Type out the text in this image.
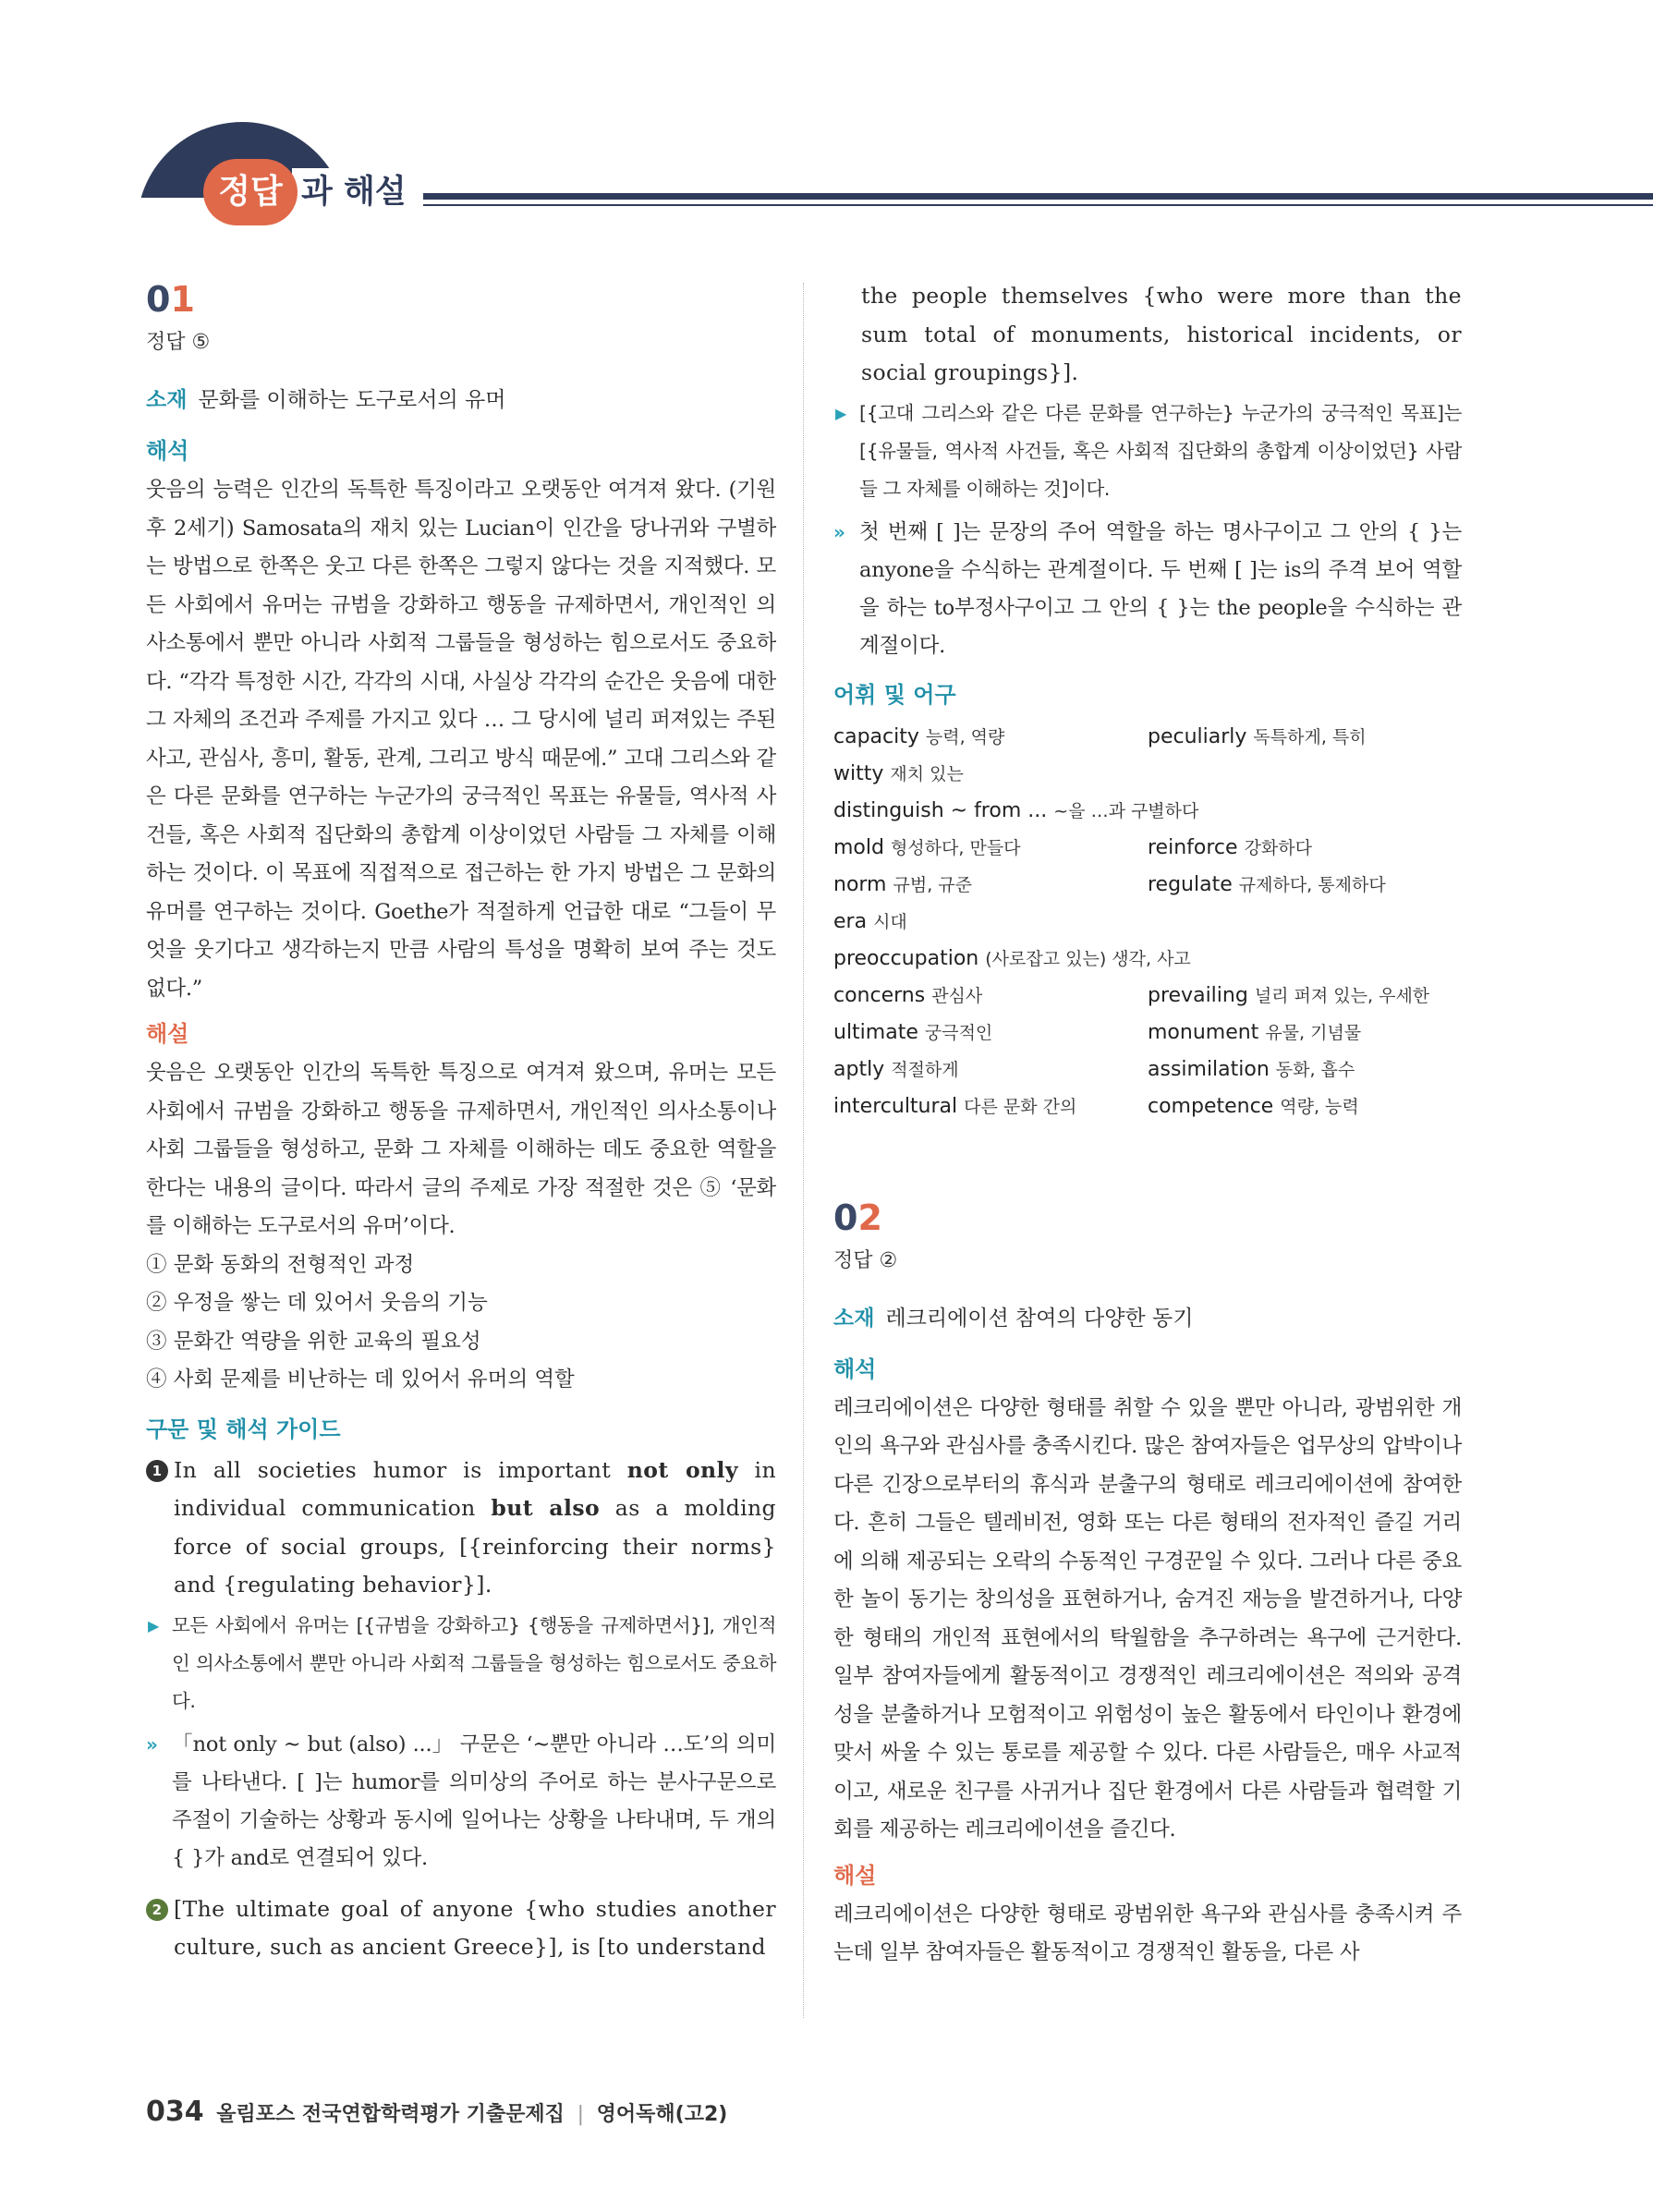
정답 과 해설

01

정답 ⑤

소재 문화를 이해하는 도구로서의 유머

해석

웃음의 능력은 인간의 독특한 특징이라고 오랫동안 여겨져 왔다. (기원후 2세기) Samosata의 재치 있는 Lucian이 인간을 당나귀와 구별하는 방법으로 한쪽은 웃고 다른 한쪽은 그렇지 않다는 것을 지적했다. 모든 사회에서 유머는 규범을 강화하고 행동을 규제하면서, 개인적인 의사소통에서 뿐만 아니라 사회적 그룹들을 형성하는 힘으로서도 중요하다. “각각 특정한 시간, 각각의 시대, 사실상 각각의 순간은 웃음에 대한 그 자체의 조건과 주제를 가지고 있다 … 그 당시에 널리 퍼져있는 주된 사고, 관심사, 흥미, 활동, 관계, 그리고 방식 때문에.” 고대 그리스와 같은 다른 문화를 연구하는 누군가의 궁극적인 목표는 유물들, 역사적 사건들, 혹은 사회적 집단화의 총합계 이상이었던 사람들 그 자체를 이해하는 것이다. 이 목표에 직접적으로 접근하는 한 가지 방법은 그 문화의 유머를 연구하는 것이다. Goethe가 적절하게 언급한 대로 “그들이 무엇을 웃기다고 생각하는지 만큼 사람의 특성을 명확히 보여 주는 것도 없다.”

해설

웃음은 오랫동안 인간의 독특한 특징으로 여겨져 왔으며, 유머는 모든 사회에서 규범을 강화하고 행동을 규제하면서, 개인적인 의사소통이나 사회 그룹들을 형성하고, 문화 그 자체를 이해하는 데도 중요한 역할을 한다는 내용의 글이다. 따라서 글의 주제로 가장 적절한 것은 ⑤ ‘문화를 이해하는 도구로서의 유머’이다.

① 문화 동화의 전형적인 과정

② 우정을 쌓는 데 있어서 웃음의 기능

③ 문화간 역량을 위한 교육의 필요성

④ 사회 문제를 비난하는 데 있어서 유머의 역할

구문 및 해석 가이드

1 In all societies humor is important not only in individual communication but also as a molding force of social groups, [{reinforcing their norms} and {regulating behavior}].

▶ 모든 사회에서 유머는 [{규범을 강화하고} {행동을 규제하면서}], 개인적인 의사소통에서 뿐만 아니라 사회적 그룹들을 형성하는 힘으로서도 중요하다.

» 「not only ~ but (also) ...」 구문은 ‘~뿐만 아니라 …도’의 의미를 나타낸다. [ ]는 humor를 의미상의 주어로 하는 분사구문으로 주절이 기술하는 상황과 동시에 일어나는 상황을 나타내며, 두 개의 { }가 and로 연결되어 있다.

2 [The ultimate goal of anyone {who studies another culture, such as ancient Greece}], is [to understand

the people themselves {who were more than the sum total of monuments, historical incidents, or social groupings}].

▶ [{고대 그리스와 같은 다른 문화를 연구하는} 누군가의 궁극적인 목표]는 [{유물들, 역사적 사건들, 혹은 사회적 집단화의 총합계 이상이었던} 사람들 그 자체를 이해하는 것]이다.

» 첫 번째 [ ]는 문장의 주어 역할을 하는 명사구이고 그 안의 { }는 anyone을 수식하는 관계절이다. 두 번째 [ ]는 is의 주격 보어 역할을 하는 to부정사구이고 그 안의 { }는 the people을 수식하는 관계절이다.

어휘 및 어구

capacity 능력, 역량	peculiarly 독특하게, 특히
witty 재치 있는
distinguish ~ from ... ~을 …과 구별하다
mold 형성하다, 만들다	reinforce 강화하다
norm 규범, 규준	regulate 규제하다, 통제하다
era 시대
preoccupation (사로잡고 있는) 생각, 사고
concerns 관심사	prevailing 널리 퍼져 있는, 우세한
ultimate 궁극적인	monument 유물, 기념물
aptly 적절하게	assimilation 동화, 흡수
intercultural 다른 문화 간의	competence 역량, 능력

02

정답 ②

소재 레크리에이션 참여의 다양한 동기

해석

레크리에이션은 다양한 형태를 취할 수 있을 뿐만 아니라, 광범위한 개인의 욕구와 관심사를 충족시킨다. 많은 참여자들은 업무상의 압박이나 다른 긴장으로부터의 휴식과 분출구의 형태로 레크리에이션에 참여한다. 흔히 그들은 텔레비전, 영화 또는 다른 형태의 전자적인 즐길 거리에 의해 제공되는 오락의 수동적인 구경꾼일 수 있다. 그러나 다른 중요한 놀이 동기는 창의성을 표현하거나, 숨겨진 재능을 발견하거나, 다양한 형태의 개인적 표현에서의 탁월함을 추구하려는 욕구에 근거한다. 일부 참여자들에게 활동적이고 경쟁적인 레크리에이션은 적의와 공격성을 분출하거나 모험적이고 위험성이 높은 활동에서 타인이나 환경에 맞서 싸울 수 있는 통로를 제공할 수 있다. 다른 사람들은, 매우 사교적이고, 새로운 친구를 사귀거나 집단 환경에서 다른 사람들과 협력할 기회를 제공하는 레크리에이션을 즐긴다.

해설

레크리에이션은 다양한 형태로 광범위한 욕구와 관심사를 충족시켜 주는데 일부 참여자들은 활동적이고 경쟁적인 활동을, 다른 사

034 올림포스 전국연합학력평가 기출문제집 | 영어독해(고2)
